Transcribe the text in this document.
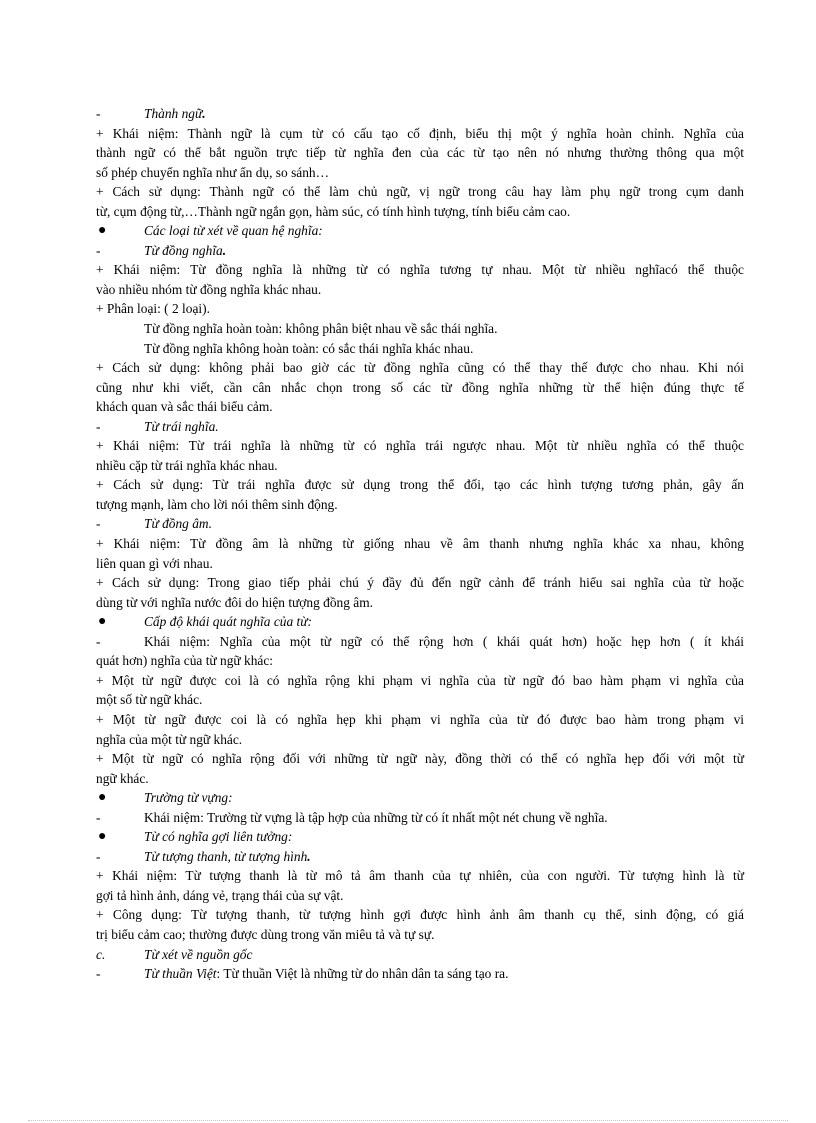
-	Thành ngữ.
+ Khái niệm: Thành ngữ là cụm từ có cấu tạo cố định, biểu thị một ý nghĩa hoàn chỉnh. Nghĩa của
thành ngữ có thể bắt nguồn trực tiếp từ nghĩa đen của các từ tạo nên nó nhưng thường thông qua một
số phép chuyển nghĩa như ẩn dụ, so sánh…
+ Cách sử dụng: Thành ngữ có thể làm chủ ngữ, vị ngữ trong câu hay làm phụ ngữ trong cụm danh
từ, cụm động từ,…Thành ngữ ngắn gọn, hàm súc, có tính hình tượng, tính biểu cảm cao.
●	Các loại từ xét về quan hệ nghĩa:
-	Từ đồng nghĩa.
+ Khái niệm: Từ đồng nghĩa là những từ có nghĩa tương tự nhau. Một từ nhiều nghĩacó thể thuộc
vào nhiều nhóm từ đồng nghĩa khác nhau.
+ Phân loại: ( 2 loại).
Từ đồng nghĩa hoàn toàn: không phân biệt nhau về sắc thái nghĩa.
Từ đồng nghĩa không hoàn toàn: có sắc thái nghĩa khác nhau.
+ Cách sử dụng: không phải bao giờ các từ đồng nghĩa cũng có thể thay thế được cho nhau. Khi nói
cũng như khi viết, cần cân nhắc chọn trong số các từ đồng nghĩa những từ thể hiện đúng thực tế
khách quan và sắc thái biểu cảm.
-	Từ trái nghĩa.
+ Khái niệm: Từ trái nghĩa là những từ có nghĩa trái ngược nhau. Một từ nhiều nghĩa có thể thuộc
nhiều cặp từ trái nghĩa khác nhau.
+ Cách sử dụng: Từ trái nghĩa được sử dụng trong thể đối, tạo các hình tượng tương phản, gây ấn
tượng mạnh, làm cho lời nói thêm sinh động.
-	Từ đồng âm.
+ Khái niệm: Từ đồng âm là những từ giống nhau về âm thanh nhưng nghĩa khác xa nhau, không
liên quan gì với nhau.
+ Cách sử dụng: Trong giao tiếp phải chú ý đầy đủ đến ngữ cảnh để tránh hiểu sai nghĩa của từ hoặc
dùng từ với nghĩa nước đôi do hiện tượng đồng âm.
●	Cấp độ khái quát nghĩa của từ:
-	Khái niệm: Nghĩa của một từ ngữ có thể rộng hơn ( khái quát hơn) hoặc hẹp hơn ( ít khái
quát hơn) nghĩa của từ ngữ khác:
+ Một từ ngữ được coi là có nghĩa rộng khi phạm vi nghĩa của từ ngữ đó bao hàm phạm vi nghĩa của
một số từ ngữ khác.
+ Một từ ngữ được coi là có nghĩa hẹp khi phạm vi nghĩa của từ đó được bao hàm trong phạm vi
nghĩa của một từ ngữ khác.
+ Một từ ngữ có nghĩa rộng đối với những từ ngữ này, đồng thời có thể có nghĩa hẹp đối với một từ
ngữ khác.
●	Trường từ vựng:
-	Khái niệm: Trường từ vựng là tập hợp của những từ có ít nhất một nét chung về nghĩa.
●	Từ có nghĩa gợi liên tưởng:
-	Từ tượng thanh, từ tượng hình.
+ Khái niệm: Từ tượng thanh là từ mô tả âm thanh của tự nhiên, của con người. Từ tượng hình là từ
gợi tả hình ảnh, dáng vẻ, trạng thái của sự vật.
+ Công dụng: Từ tượng thanh, từ tượng hình gợi được hình ảnh âm thanh cụ thể, sinh động, có giá
trị biểu cảm cao; thường được dùng trong văn miêu tả và tự sự.
c.	Từ xét về nguồn gốc
-	Từ thuần Việt: Từ thuần Việt là những từ do nhân dân ta sáng tạo ra.
